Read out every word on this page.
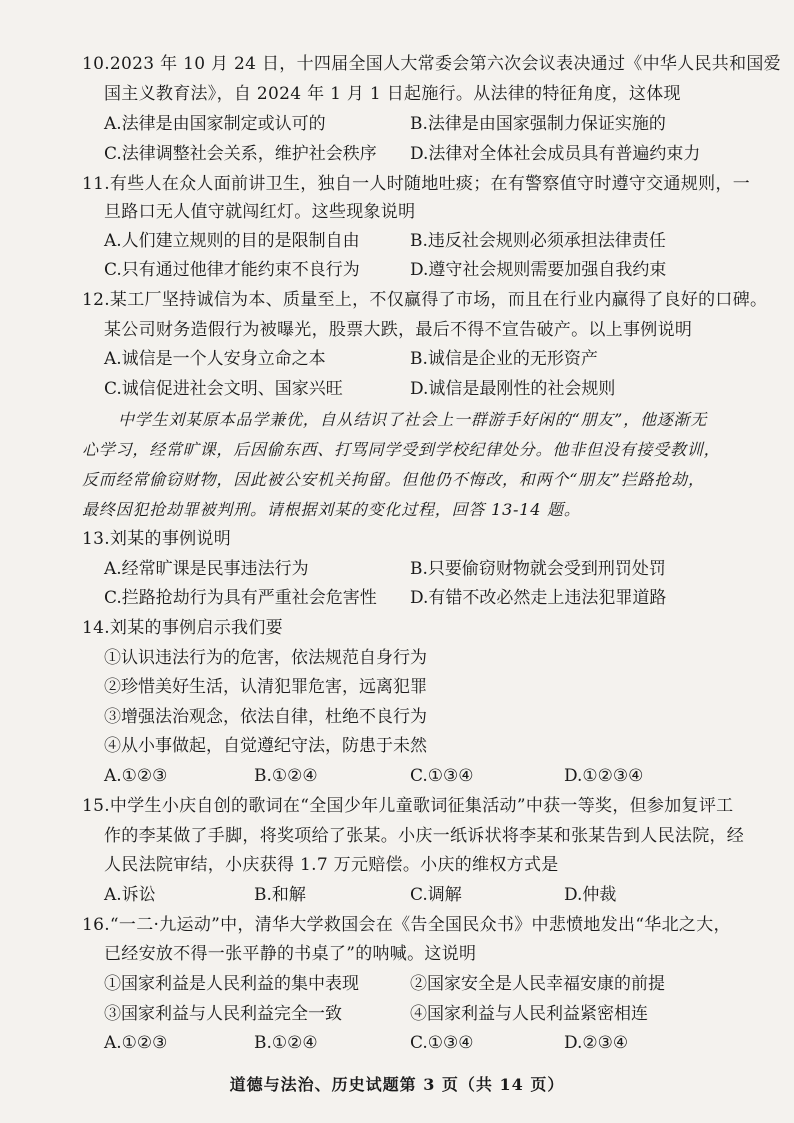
10.2023 年 10 月 24 日，十四届全国人大常委会第六次会议表决通过《中华人民共和国爱
国主义教育法》，自 2024 年 1 月 1 日起施行。从法律的特征角度，这体现
A.法律是由国家制定或认可的	B.法律是由国家强制力保证实施的
C.法律调整社会关系，维护社会秩序 D.法律对全体社会成员具有普遍约束力
11.有些人在众人面前讲卫生，独自一人时随地吐痰；在有警察值守时遵守交通规则，一
旦路口无人值守就闯红灯。这些现象说明
A.人们建立规则的目的是限制自由	B.违反社会规则必须承担法律责任
C.只有通过他律才能约束不良行为	D.遵守社会规则需要加强自我约束
12.某工厂坚持诚信为本、质量至上，不仅赢得了市场，而且在行业内赢得了良好的口碑。
某公司财务造假行为被曝光，股票大跌，最后不得不宣告破产。以上事例说明
A.诚信是一个人安身立命之本	B.诚信是企业的无形资产
C.诚信促进社会文明、国家兴旺	D.诚信是最刚性的社会规则
中学生刘某原本品学兼优，自从结识了社会上一群游手好闲的“朋友”，他逐渐无
心学习，经常旷课，后因偷东西、打骂同学受到学校纪律处分。他非但没有接受教训，
反而经常偷窃财物，因此被公安机关拘留。但他仍不悔改，和两个“朋友”拦路抢劫，
最终因犯抢劫罪被判刑。请根据刘某的变化过程，回答 13-14 题。
13.刘某的事例说明
A.经常旷课是民事违法行为	B.只要偷窃财物就会受到刑罚处罚
C.拦路抢劫行为具有严重社会危害性 D.有错不改必然走上违法犯罪道路
14.刘某的事例启示我们要
①认识违法行为的危害，依法规范自身行为
②珍惜美好生活，认清犯罪危害，远离犯罪
③增强法治观念，依法自律，杜绝不良行为
④从小事做起，自觉遵纪守法，防患于未然
A.①②③	B.①②④	C.①③④	D.①②③④
15.中学生小庆自创的歌词在“全国少年儿童歌词征集活动”中获一等奖，但参加复评工
作的李某做了手脚，将奖项给了张某。小庆一纸诉状将李某和张某告到人民法院，经
人民法院审结，小庆获得 1.7 万元赔偿。小庆的维权方式是
A.诉讼	B.和解	C.调解	D.仲裁
16.“一二·九运动”中，清华大学救国会在《告全国民众书》中悲愤地发出“华北之大，
已经安放不得一张平静的书桌了”的呐喊。这说明
①国家利益是人民利益的集中表现	②国家安全是人民幸福安康的前提
③国家利益与人民利益完全一致	④国家利益与人民利益紧密相连
A.①②③	B.①②④	C.①③④	D.②③④
道德与法治、历史试题第 3 页（共 14 页）
